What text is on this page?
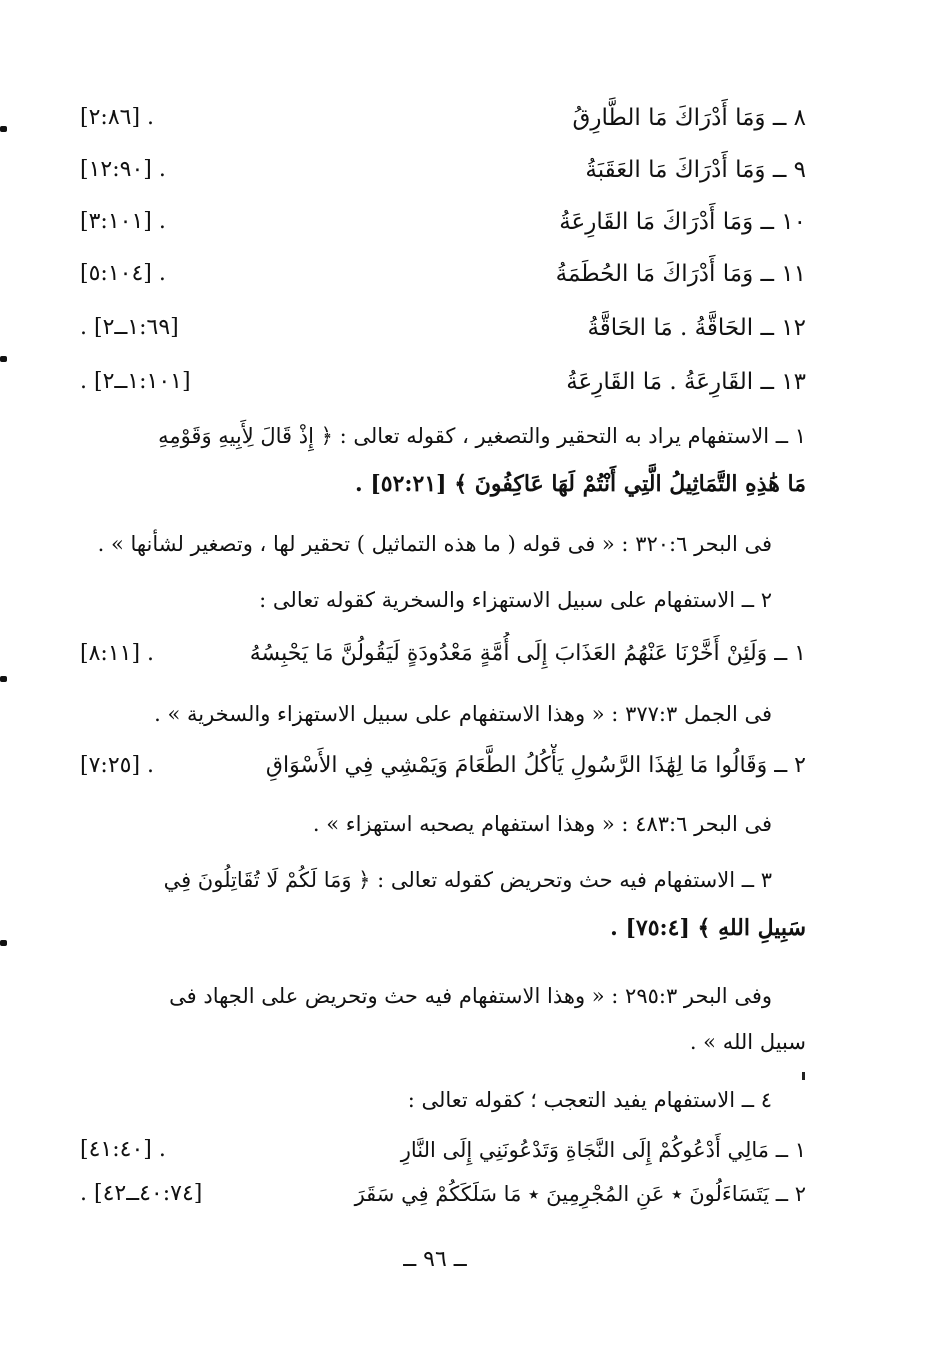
٨ ــ وَمَا أَدْرَاكَ مَا الطَّارِقُ
[٢:٨٦] .
٩ ــ وَمَا أَدْرَاكَ مَا العَقَبَةُ
[١٢:٩٠] .
١٠ ــ وَمَا أَدْرَاكَ مَا القَارِعَةُ
[٣:١٠١] .
١١ ــ وَمَا أَدْرَاكَ مَا الحُطَمَةُ
[٥:١٠٤] .
١٢ ــ الحَاقَّةُ . مَا الحَاقَّةُ
[١:٦٩ــ٢] .
١٣ ــ القَارِعَةُ . مَا القَارِعَةُ
[١:١٠١ــ٢] .
١ ــ الاستفهام يراد به التحقير والتصغير ، كقوله تعالى : ﴿ إِذْ قَالَ لِأَبِيهِ وَقَوْمِهِ
مَا هَٰذِهِ التَّمَاثِيلُ الَّتِي أَنْتُمْ لَهَا عَاكِفُونَ ﴾ [٥٢:٢١] .
فى البحر ٣٢٠:٦ : « فى قوله ( ما هذه التماثيل ) تحقير لها ، وتصغير لشأنها » .
٢ ــ الاستفهام على سبيل الاستهزاء والسخرية كقوله تعالى :
١ ــ وَلَئِنْ أَخَّرْنَا عَنْهُمُ العَذَابَ إِلَى أُمَّةٍ مَعْدُودَةٍ لَيَقُولُنَّ مَا يَحْبِسُهُ
[٨:١١] .
فى الجمل ٣٧٧:٣ : « وهذا الاستفهام على سبيل الاستهزاء والسخرية » .
٢ ــ وَقَالُوا مَا لِهَٰذَا الرَّسُولِ يَأْكُلُ الطَّعَامَ وَيَمْشِي فِي الأَسْوَاقِ
[٧:٢٥] .
فى البحر ٤٨٣:٦ : « وهذا استفهام يصحبه استهزاء » .
٣ ــ الاستفهام فيه حث وتحريض كقوله تعالى : ﴿ وَمَا لَكُمْ لَا تُقَاتِلُونَ فِي
سَبِيلِ اللهِ ﴾ [٧٥:٤] .
وفى البحر ٢٩٥:٣ : « وهذا الاستفهام فيه حث وتحريض على الجهاد فى
سبيل الله » .
٤ ــ الاستفهام يفيد التعجب ؛ كقوله تعالى :
١ ــ مَالِي أَدْعُوكُمْ إِلَى النَّجَاةِ وَتَدْعُونَنِي إِلَى النَّارِ
[٤١:٤٠] .
٢ ــ يَتَسَاءَلُونَ ٭ عَنِ المُجْرِمِينَ ٭ مَا سَلَكَكُمْ فِي سَقَرَ
[٤٠:٧٤ــ٤٢] .
ــ ٩٦ ــ
